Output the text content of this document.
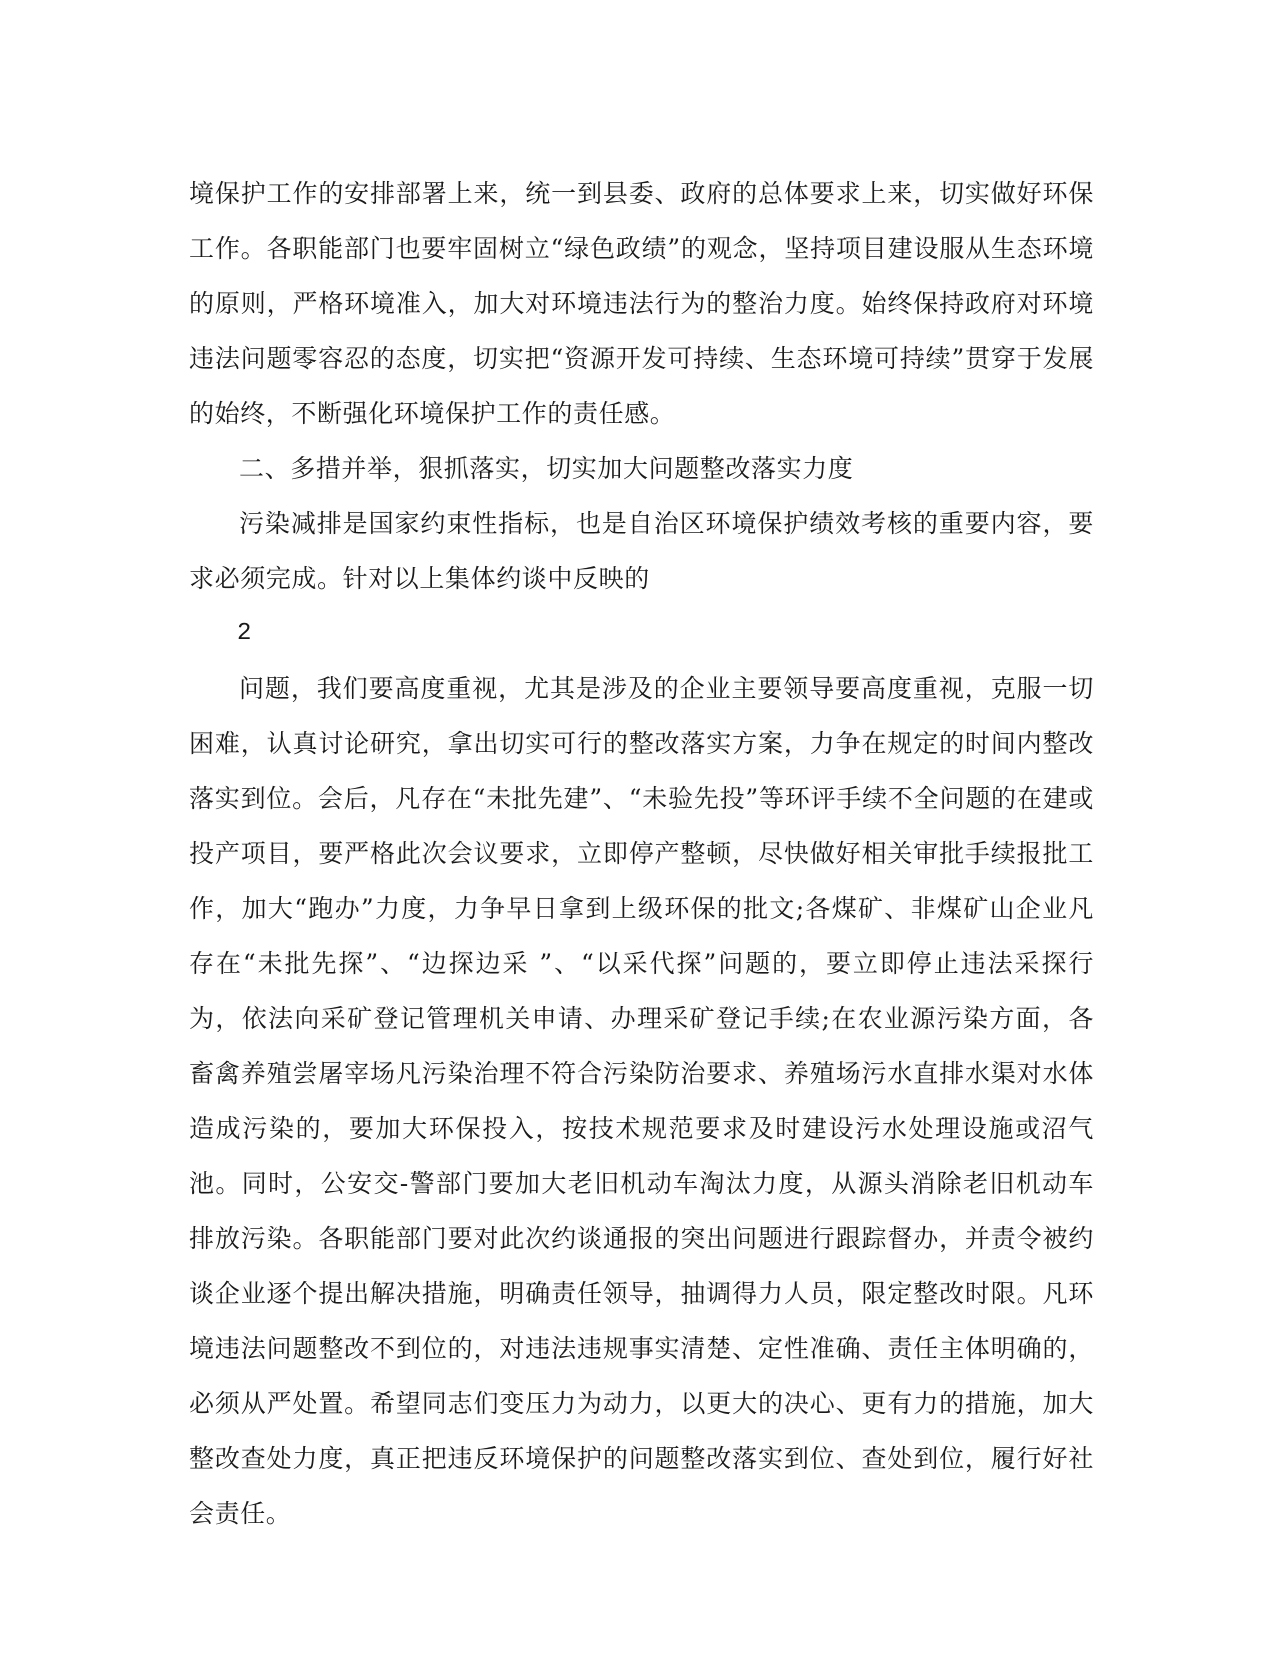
境保护工作的安排部署上来，统一到县委、政府的总体要求上来，切实做好环保工作。各职能部门也要牢固树立“绿色政绩”的观念，坚持项目建设服从生态环境的原则，严格环境准入，加大对环境违法行为的整治力度。始终保持政府对环境违法问题零容忍的态度，切实把“资源开发可持续、生态环境可持续”贯穿于发展的始终，不断强化环境保护工作的责任感。

二、多措并举，狠抓落实，切实加大问题整改落实力度

污染减排是国家约束性指标，也是自治区环境保护绩效考核的重要内容，要求必须完成。针对以上集体约谈中反映的

2

问题，我们要高度重视，尤其是涉及的企业主要领导要高度重视，克服一切困难，认真讨论研究，拿出切实可行的整改落实方案，力争在规定的时间内整改落实到位。会后，凡存在“未批先建”、“未验先投”等环评手续不全问题的在建或投产项目，要严格此次会议要求，立即停产整顿，尽快做好相关审批手续报批工作，加大“跑办”力度，力争早日拿到上级环保的批文;各煤矿、非煤矿山企业凡存在“未批先探”、“边探边采 ”、“以采代探”问题的，要立即停止违法采探行为，依法向采矿登记管理机关申请、办理采矿登记手续;在农业源污染方面，各畜禽养殖尝屠宰场凡污染治理不符合污染防治要求、养殖场污水直排水渠对水体造成污染的，要加大环保投入，按技术规范要求及时建设污水处理设施或沼气池。同时，公安交-警部门要加大老旧机动车淘汰力度，从源头消除老旧机动车排放污染。各职能部门要对此次约谈通报的突出问题进行跟踪督办，并责令被约谈企业逐个提出解决措施，明确责任领导，抽调得力人员，限定整改时限。凡环境违法问题整改不到位的，对违法违规事实清楚、定性准确、责任主体明确的，必须从严处置。希望同志们变压力为动力，以更大的决心、更有力的措施，加大整改查处力度，真正把违反环境保护的问题整改落实到位、查处到位，履行好社会责任。
